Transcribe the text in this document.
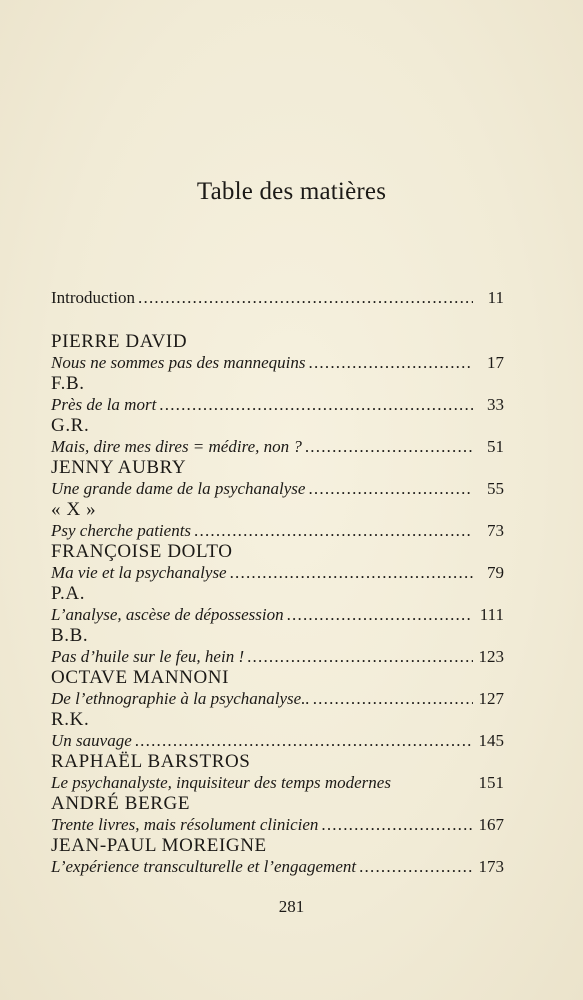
Table des matières
Introduction .....	11
PIERRE DAVID
Nous ne sommes pas des mannequins .....	17
F.B.
Près de la mort .....	33
G.R.
Mais, dire mes dires = médire, non ? .....	51
JENNY AUBRY
Une grande dame de la psychanalyse .....	55
« X »
Psy cherche patients .....	73
FRANÇOISE DOLTO
Ma vie et la psychanalyse .....	79
P.A.
L’analyse, ascèse de dépossession .....	111
B.B.
Pas d’huile sur le feu, hein ! .....	123
OCTAVE MANNONI
De l’ethnographie à la psychanalyse.. .....	127
R.K.
Un sauvage .....	145
RAPHAËL BARSTROS
Le psychanalyste, inquisiteur des temps modernes	151
ANDRÉ BERGE
Trente livres, mais résolument clinicien .....	167
JEAN-PAUL MOREIGNE
L’expérience transculturelle et l’engagement .....	173
281
